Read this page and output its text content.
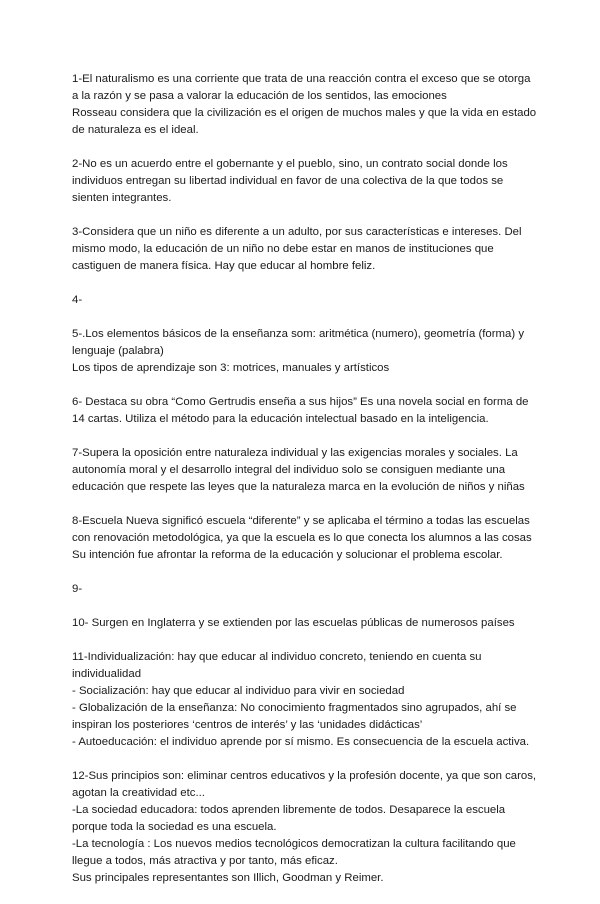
1-El naturalismo es una corriente que trata de una reacción contra el exceso que se otorga
a la razón y se pasa a valorar la educación de los sentidos, las emociones
Rosseau considera que la civilización es el origen de muchos males y que la vida en estado
de naturaleza es el ideal.
2-No es un acuerdo entre el gobernante y el pueblo, sino, un contrato social donde los
individuos entregan su libertad individual en favor de una colectiva de la que todos se
sienten integrantes.
3-Considera que un niño es diferente a un adulto, por sus características e intereses. Del
mismo modo, la educación de un niño no debe estar en manos de instituciones que
castiguen de manera física. Hay que educar al hombre feliz.
4-
5-.Los elementos básicos de la enseñanza som: aritmética (numero), geometría (forma) y
lenguaje (palabra)
Los tipos de aprendizaje son 3: motrices, manuales y artísticos
6- Destaca su obra “Como Gertrudis enseña a sus hijos” Es una novela social en forma de
14 cartas. Utiliza el método para la educación intelectual basado en la inteligencia.
7-Supera la oposición entre naturaleza individual y las exigencias morales y sociales. La
autonomía moral y el desarrollo integral del individuo solo se consiguen mediante una
educación que respete las leyes que la naturaleza marca en la evolución de niños y niñas
8-Escuela Nueva significó escuela “diferente” y se aplicaba el término a todas las escuelas
con renovación metodológica, ya que la escuela es lo que conecta los alumnos a las cosas
Su intención fue afrontar la reforma de la educación y solucionar el problema escolar.
9-
10- Surgen en Inglaterra y se extienden por las escuelas públicas de numerosos países
11-Individualización: hay que educar al individuo concreto, teniendo en cuenta su
individualidad
- Socialización: hay que educar al individuo para vivir en sociedad
- Globalización de la enseñanza: No conocimiento fragmentados sino agrupados, ahí se
inspiran los posteriores ‘centros de interés’ y las ‘unidades didácticas’
- Autoeducación: el individuo aprende por sí mismo. Es consecuencia de la escuela activa.
12-Sus principios son: eliminar centros educativos y la profesión docente, ya que son caros,
agotan la creatividad etc...
-La sociedad educadora: todos aprenden libremente de todos. Desaparece la escuela
porque toda la sociedad es una escuela.
-La tecnología : Los nuevos medios tecnológicos democratizan la cultura facilitando que
llegue a todos, más atractiva y por tanto, más eficaz.
Sus principales representantes son Illich, Goodman y Reimer.
